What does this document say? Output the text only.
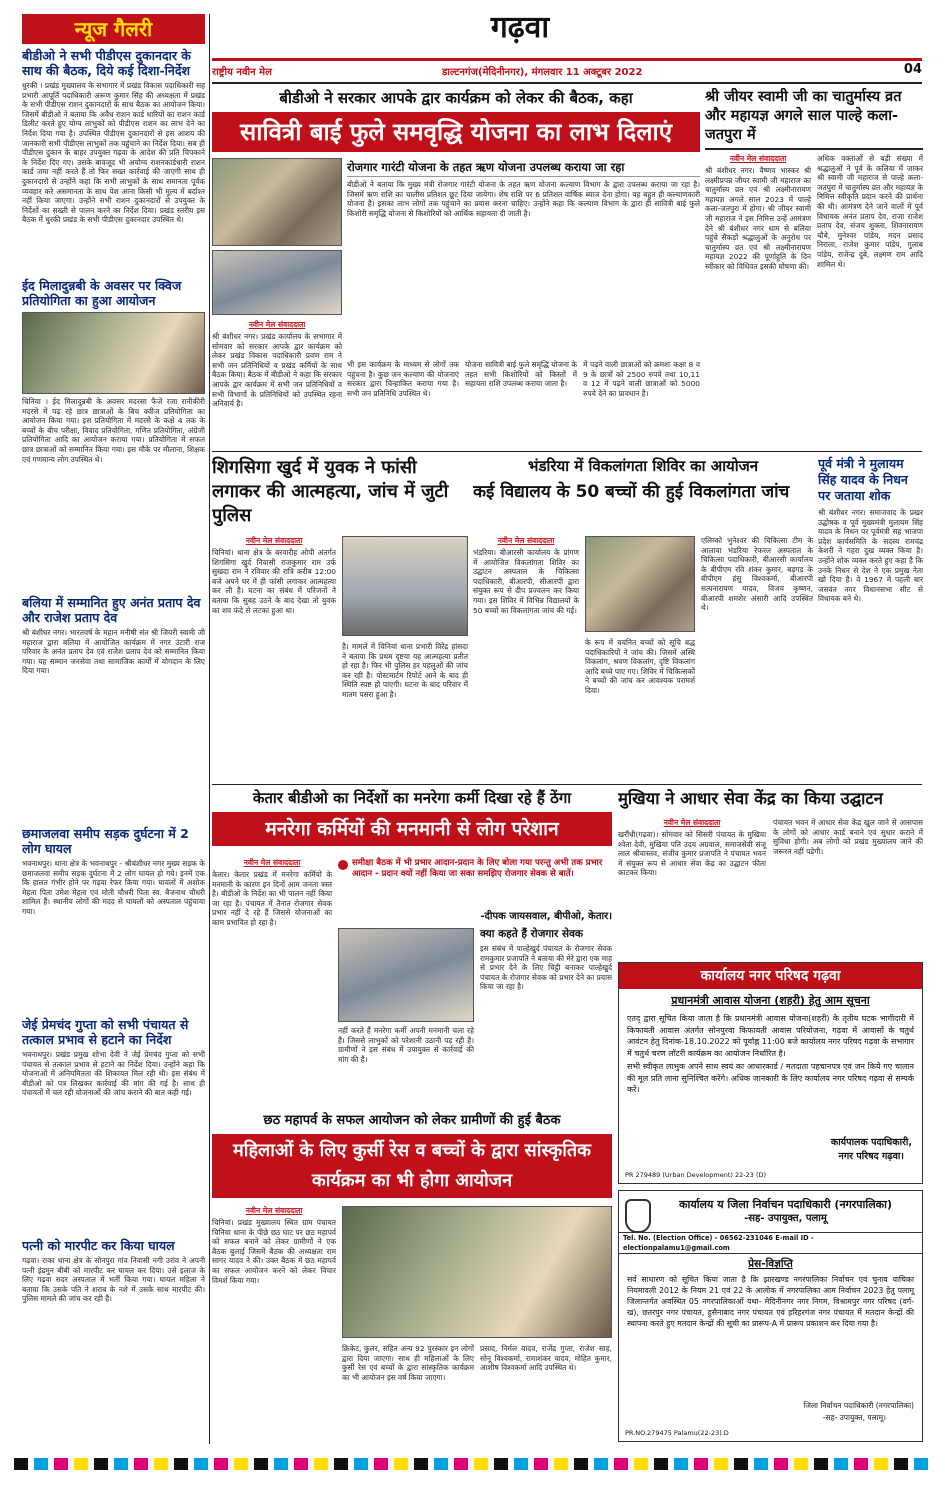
गढ़वा
राष्ट्रीय नवीन मेल	डाल्टनगंज(मेदिनीनगर), मंगलवार 11 अक्टूबर 2022	04
न्यूज गैलरी
बीडीओ ने सभी पीडीएस दुकानदार के साथ की बैठक, दिये कई दिशा-निर्देश
धुरकी । प्रखंड मुख्यालय के सभागार में प्रखंड विकास पदाधिकारी सह प्रभारी आपूर्ति पदाधिकारी अरूण कुमार सिंह की अध्यक्षता में प्रखंड के सभी पीडीएस राशन दुकानदारों के साथ बैठक का आयोजन किया। जिसमें बीडीओ ने बताया कि अवैध राशन कार्ड धारियों का राशन कार्ड डिलीट करते हुए योग्य लाभुकों को पीडीएस राशन का लाभ देने का निर्देश दिया गया है। उपस्थित पीडीएस दुकानदारों से इस आशय की जानकारी सभी पीडीएस लाभुकों तक पहुंचाने का निर्देश दिया। सब ही पीडीएस दुकान के बाहर उपयुक्त गढ़वा के आदेश की प्रति चिपकाने के निर्देश दिए गए। उसके बावजूद भी अयोग्य राशनकार्डधारी राशन कार्ड जमा नहीं करते हैं तो फिर सख्त कार्रवाई की जाएगी साथ ही दुकानदारों से उन्होंने कहा कि सभी लाभुकों के साथ समानता पूर्वक व्यवहार करे असमानता के साथ पेश आना किसी भी मूल्य में बर्दाश्त नहीं किया जाएगा। उन्होंने सभी राशन दुकानदारों से उपयुक्त के निर्देशों का सख्ती से पालन करने का निर्देश दिया। प्रखंड स्तरीय इस बैठक में धुरकी प्रखंड के सभी पीडीएस दुकानदार उपस्थित थे।
ईद मिलादुन्नबी के अवसर पर क्विज प्रतियोगिता का हुआ आयोजन
चिनिया । ईद मिलादुन्नबी के अवसर मदरसा फैजे रजा रानीकीरी मदरसे में पढ़ रहे छात्र छात्राओं के बिच क्वीज प्रतियोगिता का आयोजन किया गया। इस प्रतियोगिता में मदरसे के कक्षे 4 तक के बच्चों के बीच परीक्षा, विवाद प्रतियोगिता, गणित प्रतियोगिता, अंग्रेजी प्रतियोगिता आदि का आयोजन कराया गया। प्रतियोगिता में सफल छात्र छात्राओं को सम्मानित किया गया। इस मौके पर मौलाना, शिक्षक एवं गणमान्य लोग उपस्थित थे।
बलिया में सम्मानित हुए अनंत प्रताप देव और राजेश प्रताप देव
श्री बंशीधर नगर। भारतवर्ष के महान मनीषी संत श्री जियरी स्वामी जी महाराज द्वारा बलिया में आयोजित कार्यक्रम में नगर उंटारी राज परिवार के अनंत प्रताप देव एवं राजेश प्रताप देव को सम्मानित किया गया। यह सम्मान जनसेवा तथा सामाजिक कार्यों में योगदान के लिए दिया गया।
छमाजलवा समीप सड़क दुर्घटना में 2 लोग घायल
भवनाथपुर। थाना क्षेत्र के भवनाथपुर - श्रीबंशीधर नगर मुख्य सड़क के छमाजलवा समीप सड़क दुर्घटना में 2 लोग घायल हो गये। इनमें एक कि हालत गंभीर होने पर गढ़वा रेफर किया गया। घायलों में अशोक मेहता पिता उमेश मेहता एवं मोती चौधरी पिता स्व. बैजनाथ चौधरी शामिल हैं। स्थानीय लोगों की मदद से घायलों को अस्पताल पहुंचाया गया।
जेई प्रेमचंद गुप्ता को सभी पंचायत से तत्काल प्रभाव से हटाने का निर्देश
भवनाथपुर। प्रखंड प्रमुख शोभा देवी ने जेई प्रेमचंद गुप्ता को सभी पंचायत से तत्काल प्रभाव से हटाने का निर्देश दिया। उन्होंने कहा कि योजनाओं में अनियमितता की शिकायत मिल रही थी। इस संबंध में बीडीओ को पत्र लिखकर कार्रवाई की मांग की गई है। साथ ही पंचायतों में चल रही योजनाओं की जांच कराने की बात कही गई।
पत्नी को मारपीट कर किया घायल
गढ़वा। राका थाना क्षेत्र के सोनपुरा गांव निवासी नगी उरांव ने अपनी पत्नी इंद्रमुन बीबी को मारपीट कर घायल कर दिया। उसे इलाज के लिए गढ़वा सदर अस्पताल में भर्ती किया गया। घायल महिला ने बताया कि उसके पति ने शराब के नशे में उसके साथ मारपीट की। पुलिस मामले की जांच कर रही है।
बीडीओ ने सरकार आपके द्वार कार्यक्रम को लेकर की बैठक, कहा
सावित्री बाई फुले समवृद्धि योजना का लाभ दिलाएं
रोजगार गारंटी योजना के तहत ऋण योजना उपलब्ध कराया जा रहा
बीडीओ ने बताया कि मुख्य मंत्री रोजगार गारंटी योजना के तहत ऋण योजना कल्याण विभाग के द्वारा उपलब्ध कराया जा रहा है। जिसमें ऋण राशि का चालीस प्रतिशत छूट दिया जायेगा। शेष राशि पर 6 प्रतिशत वार्षिक ब्याज देना होगा। यह बहुत ही कल्याणकारी योजना है। इसका लाभ लोगों तक पहुंचाने का प्रयास करना चाहिए। उन्होंने कहा कि कल्याण विभाग के द्वारा ही सावित्री बाई फुले किशोरी समृद्धि योजना से किशोरियों को आर्थिक सहायता दी जाती है।
नवीन मेल संवाददाता
श्री बंशीधर नगर। प्रखंड कार्यालय के सभागार में सोमवार को सरकार आपके द्वार कार्यक्रम को लेकर प्रखंड विकास पदाधिकारी प्रवण राम ने सभी जन प्रतिनिधियों व प्रखंड कर्मियों के साथ बैठक किया। बैठक में बीडीओ ने कहा कि सरकार आपके द्वार कार्यक्रम में सभी जन प्रतिनिधियों व सभी विभागों के प्रतिनिधियों को उपस्थित रहना अनिवार्य है।
भी इस कार्यक्रम के माध्यम से लोगों तक पहुंचना है। कुछ जन कल्याण की योजनाएं सरकार द्वारा चिन्हाकित कराया गया है। सभी जन प्रतिनिधि उपस्थित थे।
योजना सावित्री बाई फुले समृद्धि योजना के तहत सभी किशोरियों को किस्तों में सहायता राशि उपलब्ध कराया जाता है।
में पढ़ने वाली छात्राओं को क्रमशः कक्षा 8 व 9 के छात्रों को 2500 रुपये तथा 10,11 व 12 में पढ़ने वाली छात्राओं को 5000 रुपये देने का प्रावधान है।
श्री जीयर स्वामी जी का चातुर्मास्य व्रत और महायज्ञ अगले साल पाल्हे कला-जतपुरा में
नवीन मेल संवाददाता
श्री बंशीधर नगर। वैष्णव भास्कर श्री लक्ष्मीप्रपन्न जीयर स्वामी जी महाराज का चातुर्मास्य व्रत एवं श्री लक्ष्मीनारायण महायज्ञ अगले साल 2023 में पाल्हे कला-जतपुरा में होगा। श्री जीयर स्वामी जी महाराज ने इस निमित्त उन्हें आमंत्रण देने श्री बंशीधर नगर धाम से बलिया पहुंचे सैकड़ों श्रद्धालुओं के अनुरोध पर चातुर्मास्य व्रत एवं श्री लक्ष्मीनारायण महायज्ञ 2022 की पूर्णाहुति के दिन स्वीकार को विधिवत इसकी घोषणा की।
अधिक वक्ताओं से बड़ी संख्या में श्रद्धालुओं ने पूर्व के कलिया में जाकर श्री स्वामी जी महाराज से पाल्हे कला-जतपुरा में चातुर्मास्य व्रत और महायज्ञ के निमित्त स्वीकृति प्रदान करने की प्रार्थना की थी। आमंत्रण देने जाने वालों में पूर्व विधायक अनंत प्रताप देव, राजा राजेश प्रताप देव, संजय शुक्ला, शिवनारायण चौबे, मुनेश्वर पांडेय, मदन प्रसाद निराला, राजेश कुमार पांडेय, गुलाब पांडेय, राजेन्द्र दुबे, लक्ष्मण राम आदि शामिल थे।
शिगसिगा खुर्द में युवक ने फांसी लगाकर की आत्महत्या, जांच में जुटी पुलिस
नवीन मेल संवाददाता
चिनियां। थाना क्षेत्र के बरवारीह ओपी अंतर्गत शिगसिगा खुर्द निवासी राजकुमार राम उर्फ सुखदा राम ने रविवार की रात्रि करीब 12:00 बजे अपने घर में ही फांसी लगाकर आत्महत्या कर ली है। घटना का संबंध में परिजनों ने बताया कि सुबह उठने के बाद देखा तो युवक का शव फंदे से लटका हुआ था।
है। मामले में चिनियां थाना प्रभारी विरेंद्र हांसदा ने बताया कि प्रथम दृष्टया यह आत्महत्या प्रतीत हो रहा है। फिर भी पुलिस हर पहलुओं की जांच कर रही है। पोस्टमार्टम रिपोर्ट आने के बाद ही स्थिति स्पष्ट हो पाएगी। घटना के बाद परिवार में मातम पसरा हुआ है।
भंडरिया में विकलांगता शिविर का आयोजन
कई विद्यालय के 50 बच्चों की हुई विकलांगता जांच
नवीन मेल संवाददाता
भंडरिया। बीआरसी कार्यालय के प्रांगण में आयोजित विकलांगता शिविर का उद्घाटन अस्पताल के चिकित्सा पदाधिकारी, बीआरपी, सीआरपी द्वारा संयुक्त रूप से दीप प्रज्वलन कर किया गया। इस शिविर में विभिन्न विद्यालयों के 50 बच्चों का विकलांगता जांच की गई।
के रूप में चयनित बच्चों को सूचि बद्ध पदाधिकारियों ने जांच की। जिसमें अस्थि विकलांग, श्रवण विकलांग, दृष्टि विकलांग आदि बच्चे पाए गए। शिविर में चिकित्सकों ने बच्चों की जांच कर आवश्यक परामर्श दिया।
एलिम्को भुनेश्वर की चिकित्सा टीम के आलावा भंडरिया रेफरल अस्पताल के चिकित्सा पदाधिकारी, बीआरसी कार्यालय के बीपीएम रवि शंकर कुमार, बड़गड़ के बीपीएम हंसु विश्वकर्मा, बीआरपी सत्यनारायण यादव, विजय कृष्णन, बीआरपी शमशेर अंसारी आदि उपस्थित थे।
पूर्व मंत्री ने मुलायम सिंह यादव के निधन पर जताया शोक
श्री बंशीधर नगर। समाजवाद के प्रखर उद्घोषक व पूर्व मुख्यमंत्री मुलायम सिंह यादव के निधन पर पूर्वमंत्री सह भाजपा प्रदेश कार्यसमिति के सदस्य रामचंद्र केशरी ने गहरा दुख व्यक्त किया है। उन्होंने शोक व्यक्त करते हुए कहा है कि उनके निधन से देश ने एक प्रमुख नेता खो दिया है। वे 1967 में पहली बार जसवंत नगर विधानसभा सीट से विधायक बने थे।
केतार बीडीओ का निर्देशों का मनरेगा कर्मी दिखा रहे हैं ठेंगा
मनरेगा कर्मियों की मनमानी से लोग परेशान
नवीन मेल संवाददाता
केतार। केतार प्रखंड में मनरेगा कर्मियों के मनमानी के कारण इन दिनों आम जनता त्रस्त है। बीडीओ के निर्देश का भी पालन नहीं किया जा रहा है। पंचायत में तैनात रोजगार सेवक प्रभार नहीं दे रहे हैं जिससे योजनाओं का काम प्रभावित हो रहा है।
समीक्षा बैठक में भी प्रभार आदान-प्रदान के लिए बोला गया परन्तु अभी तक प्रभार आदान - प्रदान क्यों नहीं किया जा सका समझिए रोजगार सेवक से बातें।
-दीपक जायसवाल, बीपीओ, केतार।
नहीं करते हैं मनरेगा कर्मी अपनी मनमानी चला रहे हैं। जिससे लाभुकों को परेशानी उठानी पड़ रही है। ग्रामीणों ने इस संबंध में उपायुक्त से कार्रवाई की मांग की है।
क्या कहते हैं रोजगार सेवक
इस संबंध में पाल्हेखुर्द पंचायत के रोजगार सेवक रामकुमार प्रजापति ने बताया की मेरे द्वारा एक माह से प्रभार देने के लिए चिट्ठी बनाकर पाल्हेखुर्द पंचायत के रोजगार सेवक को प्रभार देने का प्रयास किया जा रहा है।
मुखिया ने आधार सेवा केंद्र का किया उद्घाटन
नवीन मेल संवाददाता
खरौंधी(गढ़वा)। सोमवार को सिसरी पंचायत के मुखिया श्वेता देवी, मुखिया पति उदय अग्रवाल, समाजसेवी संजू लाल श्रीवास्तव, संजीव कुमार प्रजापति ने पंचायत भवन में संयुक्त रूप से आधार सेवा केंद्र का उद्घाटन फीता काटकर किया।
पंचायत भवन में आधार सेवा केंद्र खुल जाने से आसपास के लोगों को आधार कार्ड बनाने एवं सुधार कराने में सुविधा होगी। अब लोगों को प्रखंड मुख्यालय जाने की जरूरत नहीं पड़ेगी।
कार्यालय नगर परिषद गढ़वा
प्रधानमंत्री आवास योजना (शहरी) हेतु आम सूचना
एतद् द्वारा सूचित किया जाता है कि प्रधानमंत्री आवास योजना(शहरी) के तृतीय घटक भागीदारी में किफायती आवास अंतर्गत सोनपुरवा किफायती आवास परियोजना, गढ़वा में आवासों के चतुर्थ आवंटन हेतु दिनांक-18.10.2022 को पूर्वाह्न 11:00 बजे कार्यालय नगर परिषद गढ़वा के सभागार में चतुर्थ चरण लॉटरी कार्यक्रम का आयोजन निर्धारित है।
सभी स्वीकृत लाभुक अपने साथ स्वयं का आधारकार्ड / मतदाता पहचानपत्र एवं जन किये गए चालान की मूल प्रति लाना सुनिश्चित करेंगे। अधिक जानकारी के लिए कार्यालय नगर परिषद गढ़वा से सम्पर्क करें।
कार्यपालक पदाधिकारी,
नगर परिषद गढ़वा।
PR 279489 (Urban Development) 22-23 (D)
छठ महापर्व के सफल आयोजन को लेकर ग्रामीणों की हुई बैठक
महिलाओं के लिए कुर्सी रेस व बच्चों के द्वारा सांस्कृतिक कार्यक्रम का भी होगा आयोजन
नवीन मेल संवाददाता
चिनियां। प्रखंड मुख्यालय स्थित ग्राम पंचायत चिनिया थाना के पीछे छठ घाट पर छठ महापर्व को सफल बनाने को लेकर ग्रामीणों ने एक बैठक बुलाई जिसमें बैठक की अध्यक्षता राम सागर यादव ने की। उक्त बैठक में छठ महापर्व का सफल आयोजन करने को लेकर विचार विमर्श किया गया।
क्रिकेट, कुलर, सहित अन्य 92 पुरस्कार इन लोगों द्वारा दिया जाएगा। साथ ही महिलाओं के लिए कुर्सी रेस एवं बच्चों के द्वारा सांस्कृतिक कार्यक्रम का भी आयोजन इस वर्ष किया जाएगा।
प्रसाद, निर्मल यादव, राजेंद्र गुप्ता, राजेश साह, सोनू विश्वकर्मा, रामाशंकर यादव, मोहित कुमार, आशीष विश्वकर्मा आदि उपस्थित थे।
कार्यालय य जिला निर्वाचन पदाधिकारी (नगरपालिका)
-सह- उपायुक्त, पलामू
Tel. No. (Election Office) - 06562-231046 E-mail ID -electionpalamu1@gmail.com
प्रेस-विज्ञप्ति
सर्व साधारण को सूचित किया जाता है कि झारखण्ड नगरपालिका निर्वाचन एवं चुनाव याचिका नियमावली 2012 के नियम 21 एवं 22 के आलोक में नगरपालिका आम निर्वाचन 2023 हेतु पलामू जिलान्तर्गत अवस्थित 05 नगरपालिकाओं यथा- मेदिनीनगर नगर निगम, विश्रामपुर नगर परिषद (वर्ग-ख), छतरपुर नगर पंचायत, हुसैनाबाद नगर पंचायत एवं हरिहरगंज नगर पंचायत में मतदान केन्द्रों की स्थापना करते हुए मतदान केन्द्रों की सूची का प्रारूप-A में प्रारूप प्रकाशन कर दिया गया है।
जिला निर्वाचन पदाधिकारी (नगरपालिका)
-सह- उपायुक्त, पलामू।
PR.NO.279475 Palamu(22-23).D
